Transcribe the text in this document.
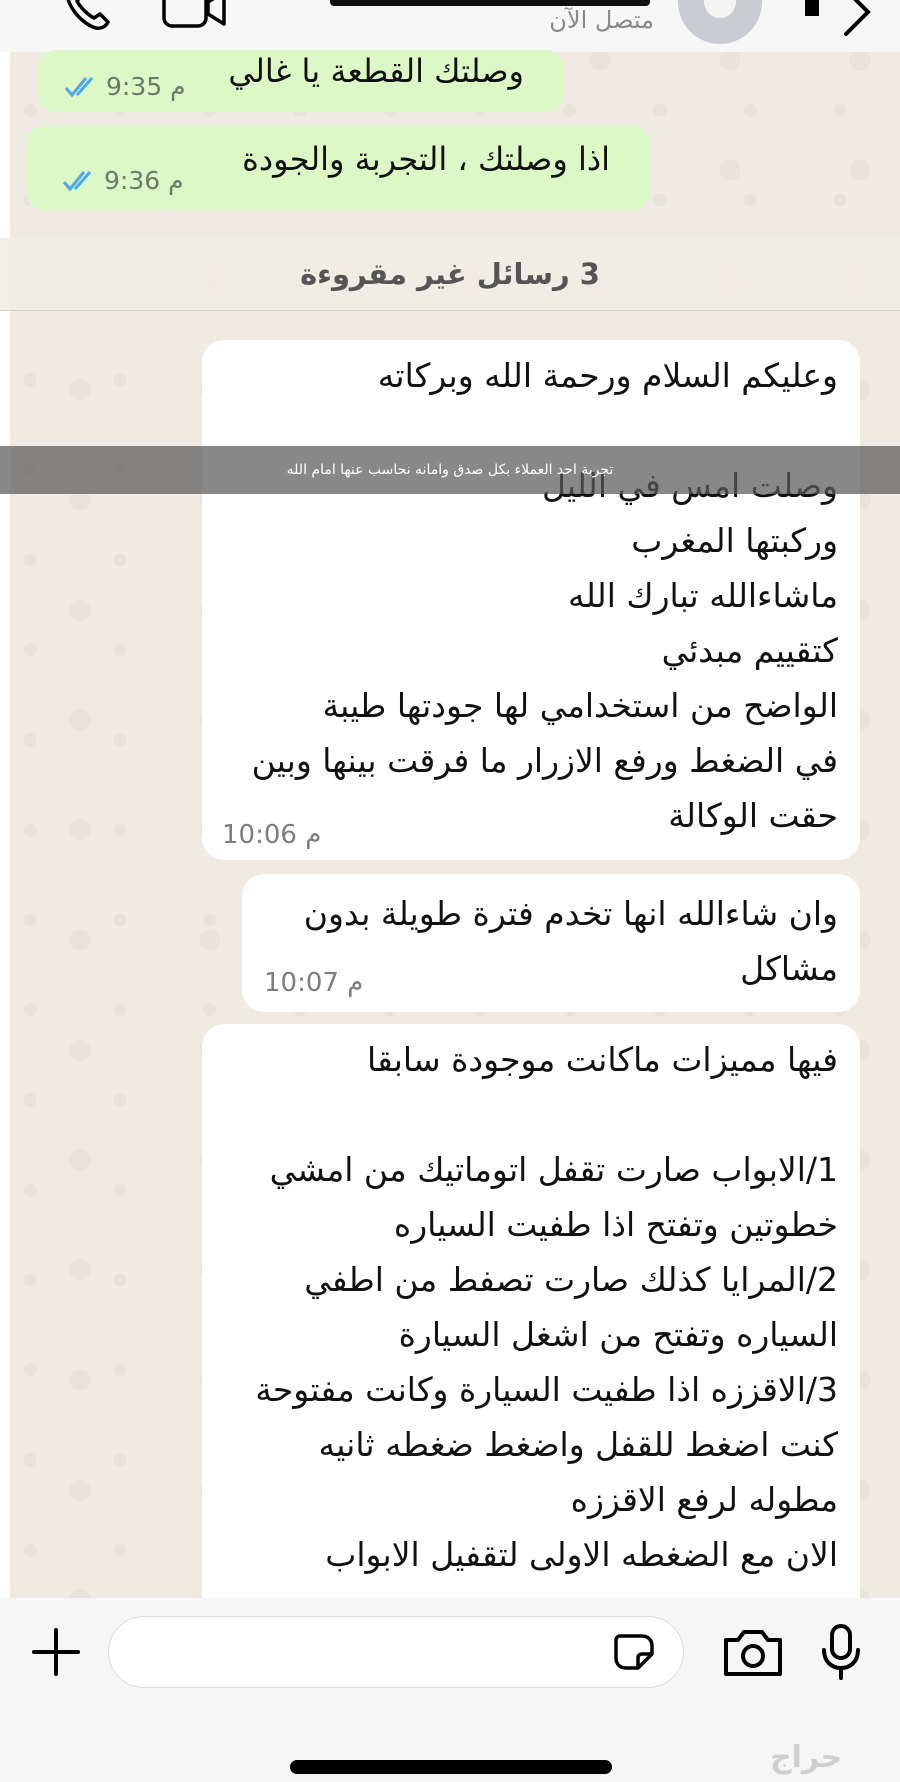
متصل الآن
وصلتك القطعة يا غالي
9:35 م
اذا وصلتك ، التجربة والجودة
9:36 م
3 رسائل غير مقروءة
وعليكم السلام ورحمة الله وبركاته
وركبتها المغرب
ماشاءالله تبارك الله
كتقييم مبدئي
الواضح من استخدامي لها جودتها طيبة
في الضغط ورفع الازرار ما فرقت بينها وبين
حقت الوكالة
10:06 م
وان شاءالله انها تخدم فترة طويلة بدون
مشاكل
10:07 م
فيها مميزات ماكانت موجودة سابقا
1/الابواب صارت تقفل اتوماتيك من امشي
خطوتين وتفتح اذا طفيت السياره
2/المرايا كذلك صارت تصفط من اطفي
السياره وتفتح من اشغل السيارة
3/الاقززه اذا طفيت السيارة وكانت مفتوحة
كنت اضغط للقفل واضغط ضغطه ثانيه
مطوله لرفع الاقززه
الان مع الضغطه الاولى لتقفيل الابواب
تجربة احد العملاء بكل صدق وامانه نحاسب عنها امام الله
حراج
